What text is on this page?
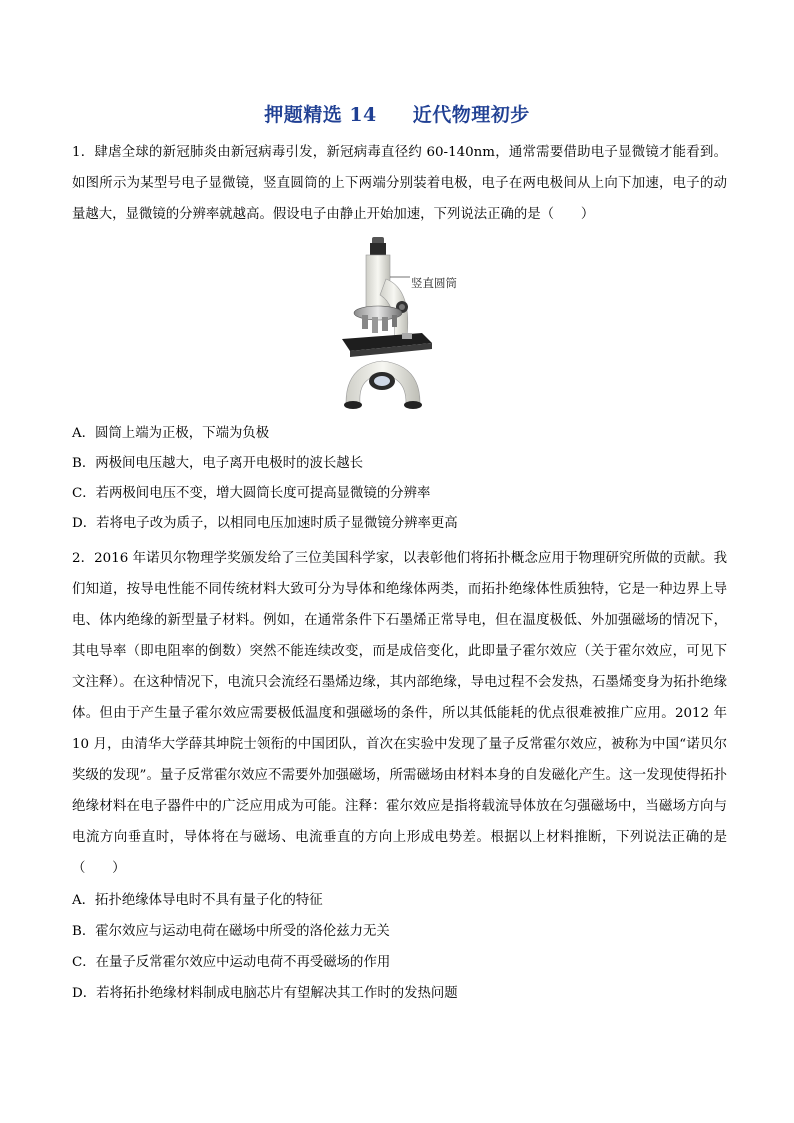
押题精选 14 近代物理初步
1．肆虐全球的新冠肺炎由新冠病毒引发，新冠病毒直径约 60-140nm，通常需要借助电子显微镜才能看到。如图所示为某型号电子显微镜，竖直圆筒的上下两端分别装着电极，电子在两电极间从上向下加速，电子的动量越大，显微镜的分辨率就越高。假设电子由静止开始加速，下列说法正确的是（　　）
竖直圆筒
A．圆筒上端为正极，下端为负极
B．两极间电压越大，电子离开电极时的波长越长
C．若两极间电压不变，增大圆筒长度可提高显微镜的分辨率
D．若将电子改为质子，以相同电压加速时质子显微镜分辨率更高
2．2016 年诺贝尔物理学奖颁发给了三位美国科学家，以表彰他们将拓扑概念应用于物理研究所做的贡献。我们知道，按导电性能不同传统材料大致可分为导体和绝缘体两类，而拓扑绝缘体性质独特，它是一种边界上导电、体内绝缘的新型量子材料。例如，在通常条件下石墨烯正常导电，但在温度极低、外加强磁场的情况下，其电导率（即电阻率的倒数）突然不能连续改变，而是成倍变化，此即量子霍尔效应（关于霍尔效应，可见下文注释）。在这种情况下，电流只会流经石墨烯边缘，其内部绝缘，导电过程不会发热，石墨烯变身为拓扑绝缘体。但由于产生量子霍尔效应需要极低温度和强磁场的条件，所以其低能耗的优点很难被推广应用。2012 年 10 月，由清华大学薛其坤院士领衔的中国团队，首次在实验中发现了量子反常霍尔效应，被称为中国“诺贝尔奖级的发现”。量子反常霍尔效应不需要外加强磁场，所需磁场由材料本身的自发磁化产生。这一发现使得拓扑绝缘材料在电子器件中的广泛应用成为可能。注释：霍尔效应是指将载流导体放在匀强磁场中，当磁场方向与电流方向垂直时，导体将在与磁场、电流垂直的方向上形成电势差。根据以上材料推断，下列说法正确的是（　　）
A．拓扑绝缘体导电时不具有量子化的特征
B．霍尔效应与运动电荷在磁场中所受的洛伦兹力无关
C．在量子反常霍尔效应中运动电荷不再受磁场的作用
D．若将拓扑绝缘材料制成电脑芯片有望解决其工作时的发热问题
